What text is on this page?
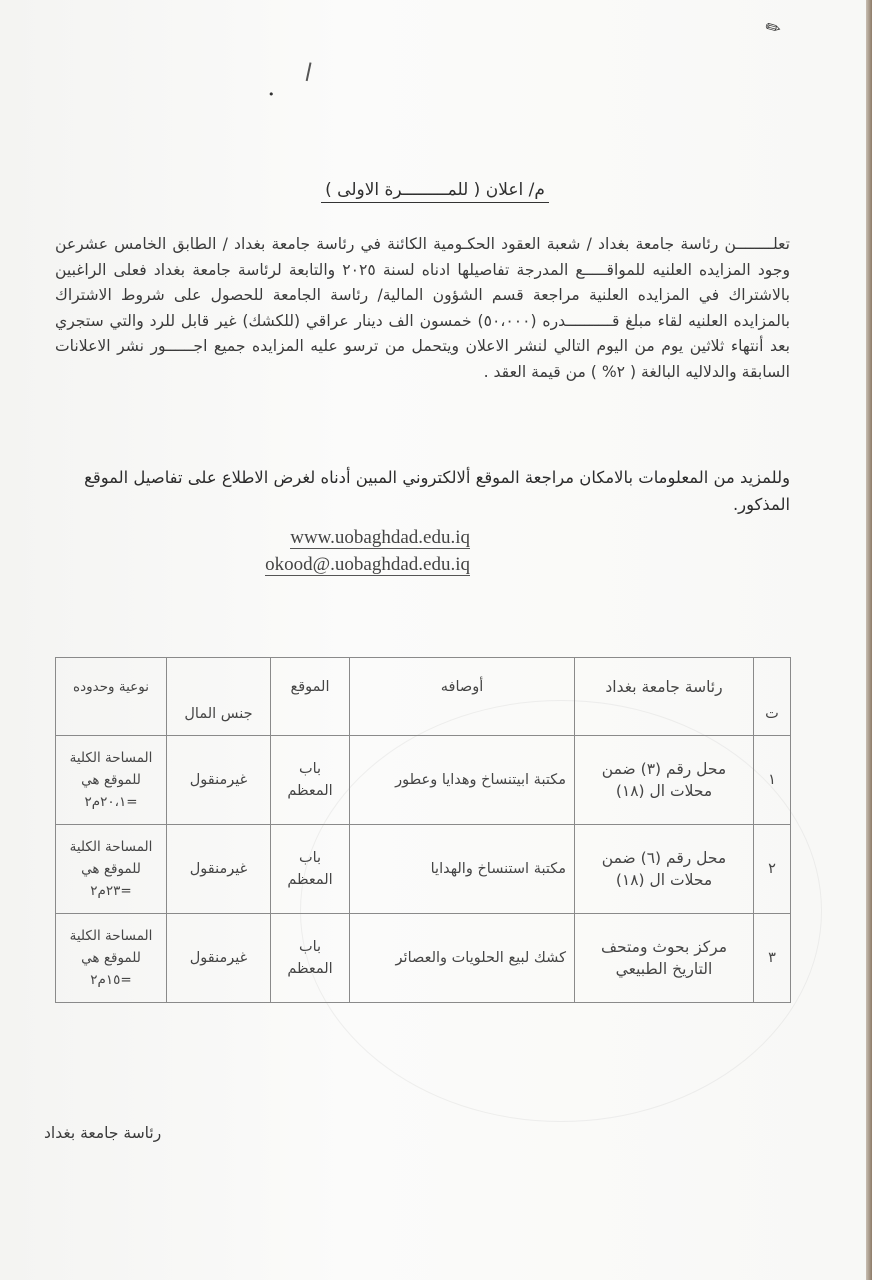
✎
ǀ
•
م/ اعلان ( للمـــــــــرة الاولى )
تعلــــــــن رئاسة جامعة بغداد / شعبة العقود الحكـومية الكائنة في رئاسة جامعة بغداد / الطابق الخامس عشرعن وجود المزايده العلنيه للمواقـــــع المدرجة تفاصيلها ادناه لسنة ٢٠٢٥ والتابعة لرئاسة جامعة بغداد فعلى الراغبين بالاشتراك في المزايده العلنية مراجعة قسم الشؤون المالية/ رئاسة الجامعة للحصول على شروط الاشتراك بالمزايده العلنيه لقاء مبلغ قــــــــــدره (٥٠،٠٠٠) خمسون الف دينار عراقي (للكشك) غير قابل للرد والتي ستجري بعد أنتهاء ثلاثين يوم من اليوم التالي لنشر الاعلان ويتحمل من ترسو عليه المزايده جميع اجــــــور نشر الاعلانات السابقة والدلاليه البالغة ( ٢% ) من قيمة العقد .
وللمزيد من المعلومات بالامكان مراجعة الموقع ألالكتروني المبين أدناه لغرض الاطلاع على تفاصيل الموقع المذكور.
www.uobaghdad.edu.iq
okood@.uobaghdad.edu.iq
ت	رئاسة جامعة بغداد	أوصافه	الموقع	جنس المال	نوعية وحدوده
١	محل رقم (٣) ضمن محلات ال (١٨)	مكتبة ابيتنساخ وهدايا وعطور	باب المعظم	غيرمنقول	المساحة الكلية للموقع هي =٢٠،١م٢
٢	محل رقم (٦) ضمن محلات ال (١٨)	مكتبة استنساخ والهدايا	باب المعظم	غيرمنقول	المساحة الكلية للموقع هي =٢٣م٢
٣	مركز بحوث ومتحف التاريخ الطبيعي	كشك لبيع الحلويات والعصائر	باب المعظم	غيرمنقول	المساحة الكلية للموقع هي =١٥م٢
رئاسة جامعة بغداد
